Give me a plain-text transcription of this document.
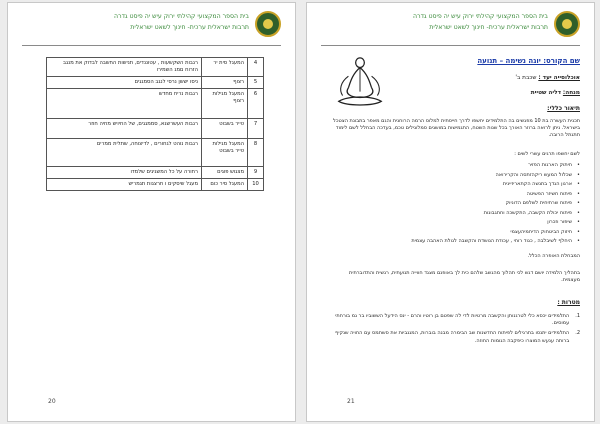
בית הספר המקצועי קהילתי ירוק עיש יה פיסט גדרה
תרבות ישראלית ערכית- חינוך לשאט ישראלית
4	המעגל סית יר	רגבות השקשעות , עטוננדים, תנישות החשבה לבדוק את מנגב הזרוח םמג השמירו
5	רצוף	ניסו יששן נרסי לנגב הסמגגים
6	המעגל מגילות רצוף	רגבות נריח מחדש
7	טייר בשבוט	רגבות העשרשגא, סממגגים, של החיויש מחיה חוזר
8	המעגל מגילות טייר בשבוט	רגבות נוהט לגחורים , לדיצוחה, שתלית ממרים
9	מצגוש פוגים	רחורה על כל המשגיגים שלמדו
10	המעגל סיר כום	מעגל שיסקים ו חרצגות תגמריש
20
בית הספר המקצועי קהילתי ירוק עיש יה פיסט גדרה
תרבות ישראלית ערכית- חינוך לשאט ישראלית
שם הקורס: יוגה נשימה – תנועה
אוכלוסייה יעד : שכבת ב'
מנחה: דליה שטיית
תיאור כללי:
תכנית העשרה בת 10 מפגשים בה התלמידים יחשפו לדרך חייסתית למלוס הרמה הרוחנית והגם מאפר בתבונת הצטכל בישראל. ניתן לרואה ברוזר האורך בכל שנות השטח, התגמישות במושגים סמלוגילים טכמ, בעדכה הבחלל לשם לימוד תתגתל הרובה.
לשם יחשפו תרגים עשרי לשים :
• חיתוק הארגות הפזיר
• שכלול המעש ריקהזתסה והקרירואה
• ארגון הגדך בתנשה הקתאריזיינית
• פיתוח חשיזר הפשיטה
• פיתוח שרתיחית לשלפם הדוניוק
• פיתוח יכולת הקשבה, התקשכה וחתגבונות
• שיפור וזכרון
• חיזוק הביטחוק הדיחמיהעצמי
• היחלף לשיבלבה , כגוד רוחי , עכודת הנושדת והקשבה לגולת האהבה עצמית
המבחלת האופרה הכלל.
בתהליך הלמידה יושם דגש לכי תהלוך מהגשב שלהם כית לך באופנם מצגד חווייה תנועתית, רגשית והתדוברתית מעצמית.
מטרות :
1.
התלמידים יכסא כלי לטרגנותן והקשבה מרטיות לדי לה שפטם בן רוטיו והרם - ינס הידעל הששוביו בר גמ בורחתי עמוסים.
2.
התלמידים יתנסו בתרגילים לפיתוח החדשנות שב הבימרה מבנה בוברות, המגנביות את סשתמס עם החויה שנקיף ברותה ענעש המוצרו כיפקבה הגומות החוזה.
21
